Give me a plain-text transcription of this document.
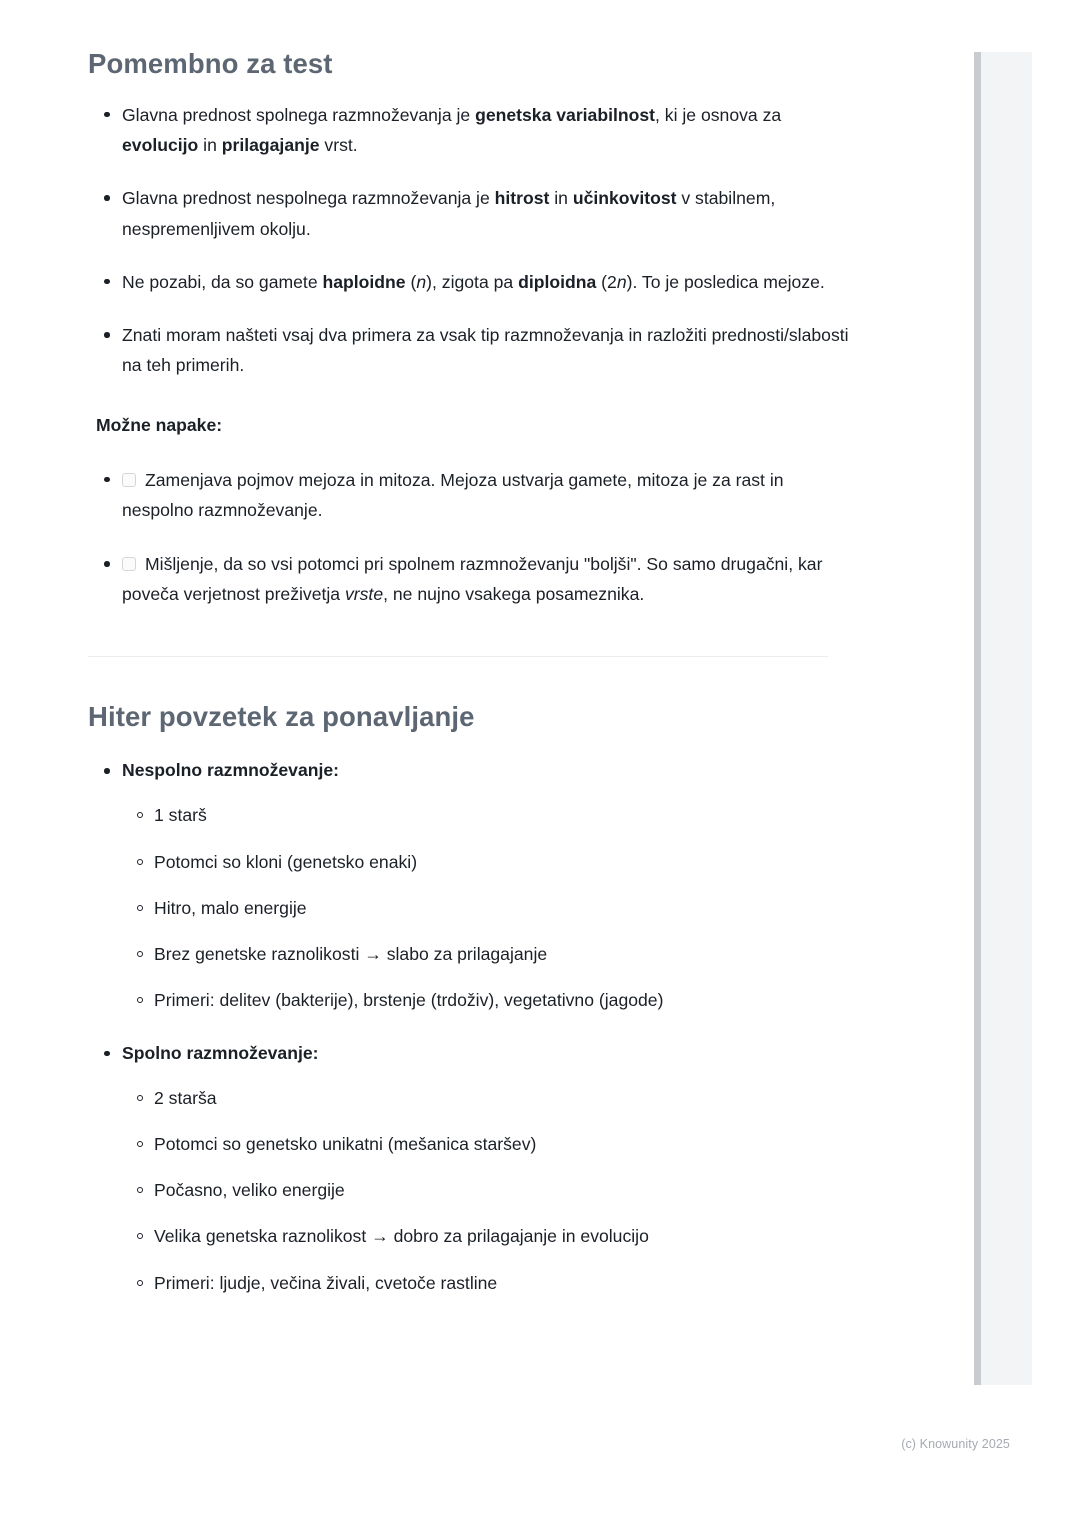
Pomembno za test
Glavna prednost spolnega razmnoževanja je genetska variabilnost, ki je osnova za evolucijo in prilagajanje vrst.
Glavna prednost nespolnega razmnoževanja je hitrost in učinkovitost v stabilnem, nespremenljivem okolju.
Ne pozabi, da so gamete haploidne (n), zigota pa diploidna (2n). To je posledica mejoze.
Znati moram našteti vsaj dva primera za vsak tip razmnoževanja in razložiti prednosti/slabosti na teh primerih.

Možne napake:

Zamenjava pojmov mejoza in mitoza. Mejoza ustvarja gamete, mitoza je za rast in nespolno razmnoževanje.
Mišljenje, da so vsi potomci pri spolnem razmnoževanju "boljši". So samo drugačni, kar poveča verjetnost preživetja vrste, ne nujno vsakega posameznika.
Hiter povzetek za ponavljanje
Nespolno razmnoževanje:
1 starš
Potomci so kloni (genetsko enaki)
Hitro, malo energije
Brez genetske raznolikosti → slabo za prilagajanje
Primeri: delitev (bakterije), brstenje (trdoživ), vegetativno (jagode)
Spolno razmnoževanje:
2 starša
Potomci so genetsko unikatni (mešanica staršev)
Počasno, veliko energije
Velika genetska raznolikost → dobro za prilagajanje in evolucijo
Primeri: ljudje, večina živali, cvetoče rastline
(c) Knowunity 2025
